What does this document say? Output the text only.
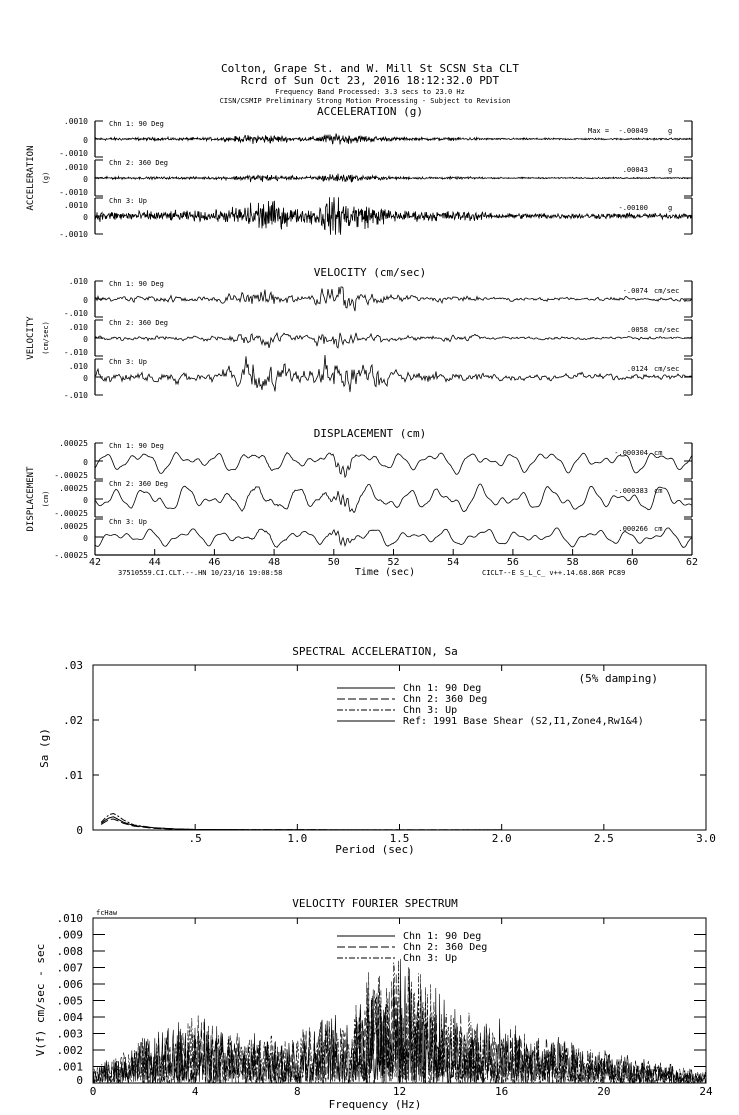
Colton, Grape St. and W. Mill St SCSN Sta CLT
Rcrd of Sun Oct 23, 2016 18:12:32.0 PDT
Frequency Band Processed: 3.3 secs to 23.0 Hz
CISN/CSMIP Preliminary Strong Motion Processing - Subject to Revision
ACCELERATION (g)
ACCELERATION (g)
.0010
0
-.0010
Chn 1: 90 Deg
Max = -.00049	g
.0010
0
-.0010
Chn 2: 360 Deg
.00043	g
.0010
0
-.0010
Chn 3: Up
-.00100	g
VELOCITY (cm/sec)
VELOCITY (cm/sec)
.010
0
-.010
Chn 1: 90 Deg
-.0074 cm/sec
.010
0
-.010
Chn 2: 360 Deg
.0058 cm/sec
.010
0
-.010
Chn 3: Up
.0124 cm/sec
DISPLACEMENT (cm)
DISPLACEMENT (cm)
.00025
0
-.00025
Chn 1: 90 Deg
-.000304 cm
.00025
0
-.00025
Chn 2: 360 Deg
-.000383 cm
.00025
0
-.00025
Chn 3: Up
.000266 cm
42	44	46	48	50	52	54	56	58	60	62
Time (sec)
37510559.CI.CLT.--.HN 10/23/16 19:08:58	CICLT--E S_L_C_ v++.14.68.86R PC89
SPECTRAL ACCELERATION, Sa
.5	1.0	1.5	2.0	2.5	3.0
0
.01
.02
.03
Period (sec)
Sa (g)
(5% damping)
Chn 1: 90 Deg
Chn 2: 360 Deg
Chn 3: Up
Ref: 1991 Base Shear (S2,I1,Zone4,Rw1&4)
VELOCITY FOURIER SPECTRUM
fcHaw
0	4	8	12	16	20	24
0
.001
.002
.003
.004
.005
.006
.007
.008
.009
.010
Frequency (Hz)
V(f) cm/sec - sec
Chn 1: 90 Deg
Chn 2: 360 Deg
Chn 3: Up
